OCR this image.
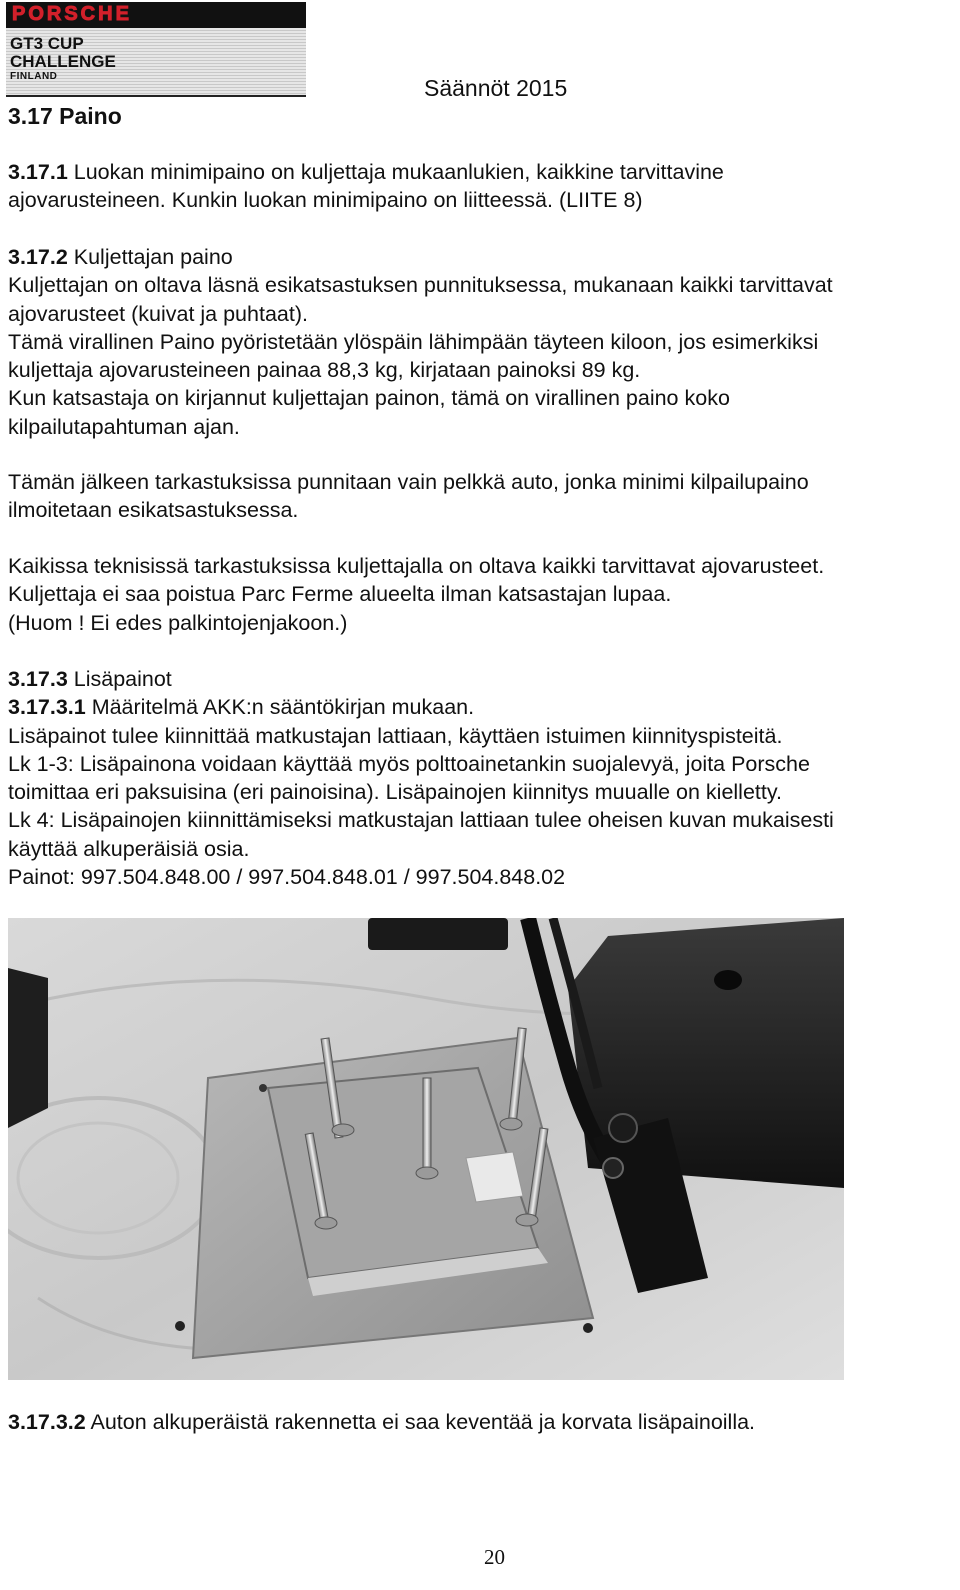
PORSCHE
GT3 CUP
CHALLENGE
FINLAND	Säännöt 2015
3.17 Paino
3.17.1 Luokan minimipaino on kuljettaja mukaanlukien, kaikkine tarvittavine
ajovarusteineen. Kunkin luokan minimipaino on liitteessä. (LIITE 8)
3.17.2 Kuljettajan paino
Kuljettajan on oltava läsnä esikatsastuksen punnituksessa, mukanaan kaikki tarvittavat
ajovarusteet (kuivat ja puhtaat).
Tämä virallinen Paino pyöristetään ylöspäin lähimpään täyteen kiloon, jos esimerkiksi
kuljettaja ajovarusteineen painaa 88,3 kg, kirjataan painoksi 89 kg.
Kun katsastaja on kirjannut kuljettajan painon, tämä on virallinen paino koko
kilpailutapahtuman ajan.
Tämän jälkeen tarkastuksissa punnitaan vain pelkkä auto, jonka minimi kilpailupaino
ilmoitetaan esikatsastuksessa.
Kaikissa teknisissä tarkastuksissa kuljettajalla on oltava kaikki tarvittavat ajovarusteet.
Kuljettaja ei saa poistua Parc Ferme alueelta ilman katsastajan lupaa.
(Huom ! Ei edes palkintojenjakoon.)
3.17.3 Lisäpainot
3.17.3.1 Määritelmä AKK:n sääntökirjan mukaan.
Lisäpainot tulee kiinnittää matkustajan lattiaan, käyttäen istuimen kiinnityspisteitä.
Lk 1-3: Lisäpainona voidaan käyttää myös polttoainetankin suojalevyä, joita Porsche
toimittaa eri paksuisina (eri painoisina). Lisäpainojen kiinnitys muualle on kielletty.
Lk 4: Lisäpainojen kiinnittämiseksi matkustajan lattiaan tulee oheisen kuvan mukaisesti
käyttää alkuperäisiä osia.
Painot: 997.504.848.00 / 997.504.848.01 / 997.504.848.02
3.17.3.2 Auton alkuperäistä rakennetta ei saa keventää ja korvata lisäpainoilla.
20
